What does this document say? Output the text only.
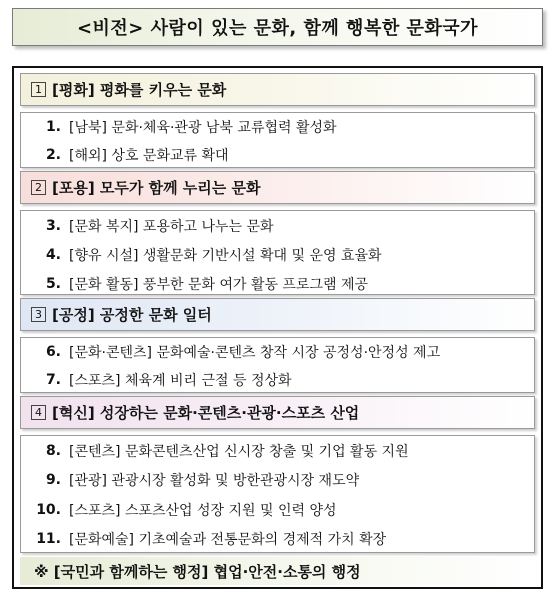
<비전> 사람이 있는 문화, 함께 행복한 문화국가
1 [평화] 평화를 키우는 문화
1. [남북] 문화·체육·관광 남북 교류협력 활성화
2. [해외] 상호 문화교류 확대
2 [포용] 모두가 함께 누리는 문화
3. [문화 복지] 포용하고 나누는 문화
4. [향유 시설] 생활문화 기반시설 확대 및 운영 효율화
5. [문화 활동] 풍부한 문화 여가 활동 프로그램 제공
3 [공정] 공정한 문화 일터
6. [문화·콘텐츠] 문화예술·콘텐츠 창작 시장 공정성·안정성 제고
7. [스포츠] 체육계 비리 근절 등 정상화
4 [혁신] 성장하는 문화·콘텐츠·관광·스포츠 산업
8. [콘텐츠] 문화콘텐츠산업 신시장 창출 및 기업 활동 지원
9. [관광] 관광시장 활성화 및 방한관광시장 재도약
10. [스포츠] 스포츠산업 성장 지원 및 인력 양성
11. [문화예술] 기초예술과 전통문화의 경제적 가치 확장
※ [국민과 함께하는 행정] 협업·안전·소통의 행정
